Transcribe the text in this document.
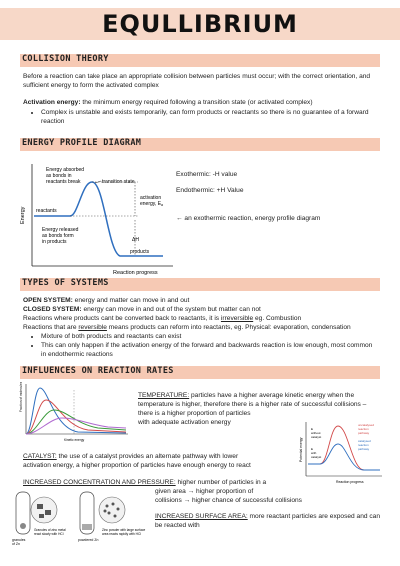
EQULLIBRIUM
COLLISION THEORY
Before a reaction can take place an appropriate collision between particles must occur; with the correct orientation, and sufficient energy to form the activated complex
Activation energy: the minimum energy required following a transition state (or activated complex)
• Complex is unstable and exists temporarily, can form products or reactants so there is no guarantee of a forward reaction
ENERGY PROFILE DIAGRAM
Energy
Reaction progress
Energy absorbed
as bonds in
reactants break	transition state
reactants
activation
energy, $E_a$
ΔH
Energy released
as bonds form
in products
products
Exothermic: -H value
Endothermic: +H Value
← an exothermic reaction, energy profile diagram
TYPES OF SYSTEMS
OPEN SYSTEM: energy and matter can move in and out
CLOSED SYSTEM: energy can move in and out of the system but matter can not
Reactions where products cant be converted back to reactants, it is irreversible eg. Combustion
Reactions that are reversible means products can reform into reactants, eg. Physical: evaporation, condensation
• Mixture of both products and reactants can exist
• This can only happen if the activation energy of the forward and backwards reaction is low enough, most common in endothermic reactions
INFLUENCES ON REACTION RATES
Fraction of molecules
Kinetic energy
TEMPERATURE: particles have a higher average kinetic energy when the
temperature is higher, therefore there is a higher rate of successful collisions –
there is a higher proportion of particles
with adequate activation energy
Potential energy
Reaction progress
E
without
catalyst
E
with
catalyst
uncatalysed
reaction
pathway
catalysed
reaction
pathway
CATALYST: the use of a catalyst provides an alternate pathway with lower
activation energy, a higher proportion of particles have enough energy to react
INCREASED CONCENTRATION AND PRESSURE: higher number of particles in a
given area → higher proportion of
collisions → higher chance of successful collisions
granules
of Zn
Granules of zinc metal
react slowly with HCl
powdered Zn
Zinc powder with large surface
area reacts rapidly with HCl
INCREASED SURFACE AREA: more reactant particles are exposed and can
be reacted with
